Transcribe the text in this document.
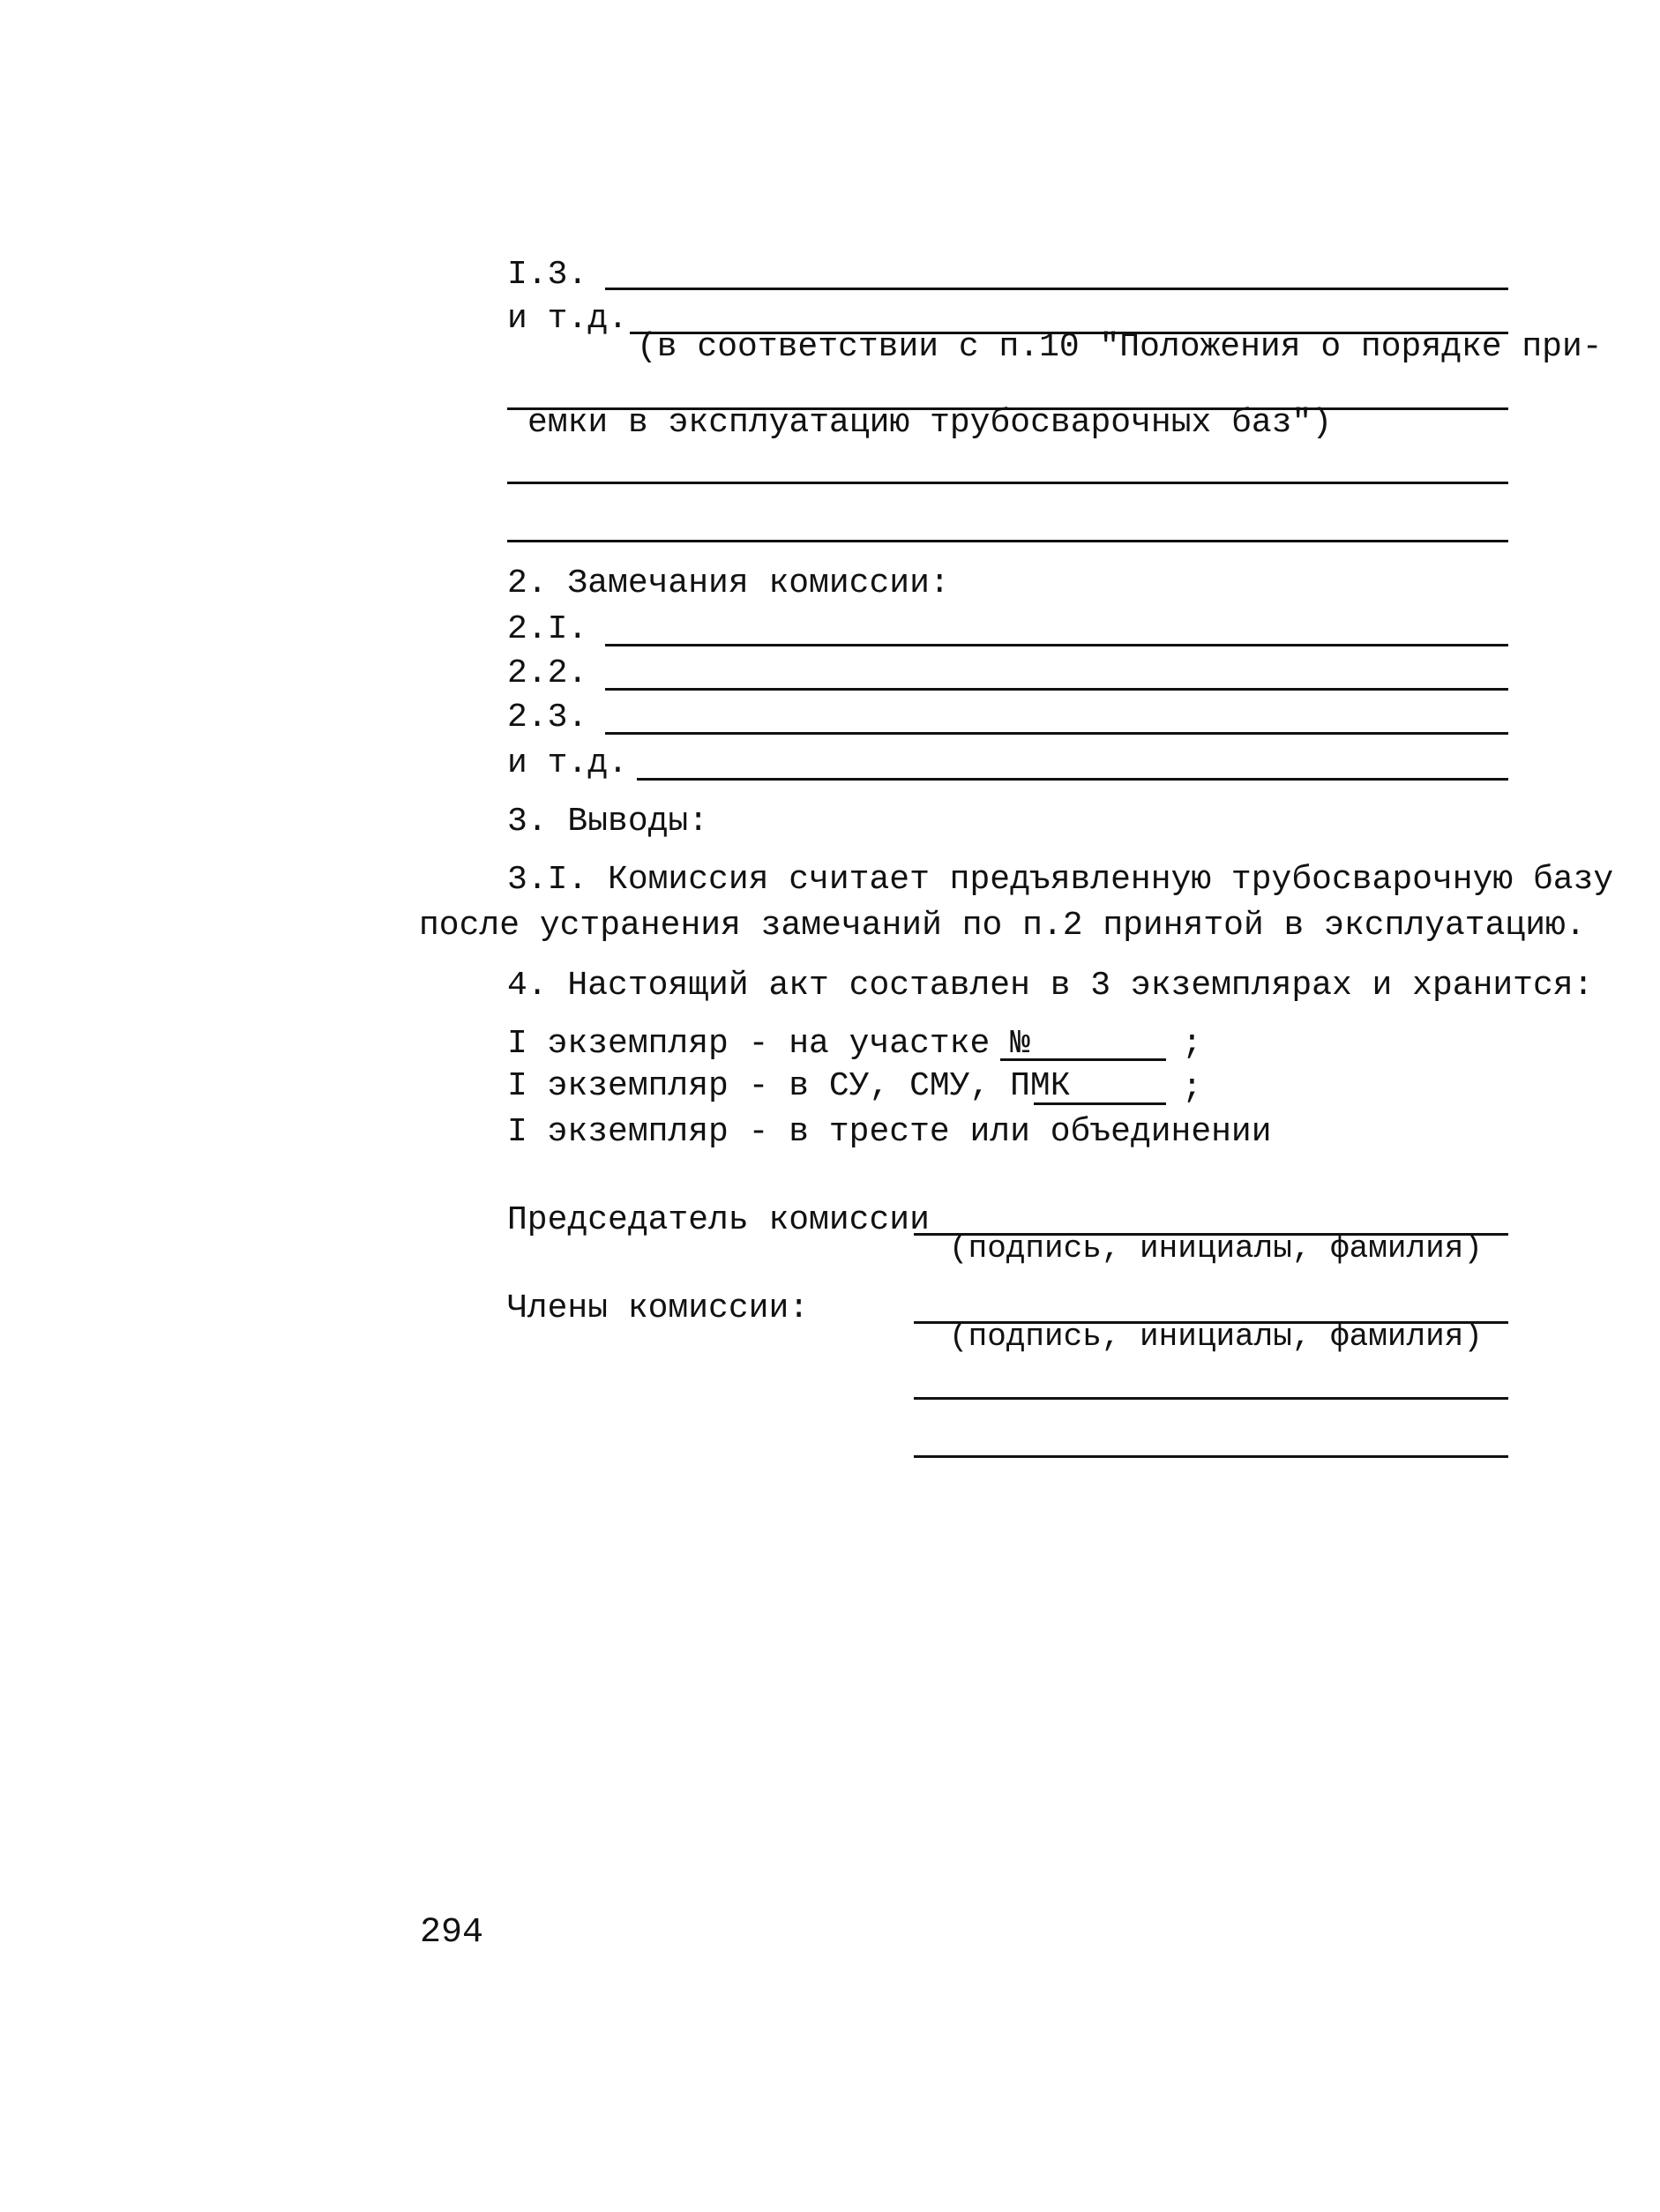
I.3.
и т.д.
(в соответствии с п.10 "Положения о порядке при-
емки в эксплуатацию трубосварочных баз")
2. Замечания комиссии:
2.I.
2.2.
2.3.
и т.д.
3. Выводы:
3.I. Комиссия считает предъявленную трубосварочную базу
после устранения замечаний по п.2 принятой в эксплуатацию.
4. Настоящий акт составлен в 3 экземплярах и хранится:
I экземпляр - на участке №	;
I экземпляр - в СУ, СМУ, ПМК	;
I экземпляр - в тресте или объединении
Председатель комиссии
(подпись, инициалы, фамилия)
Члены комиссии:
(подпись, инициалы, фамилия)
294
